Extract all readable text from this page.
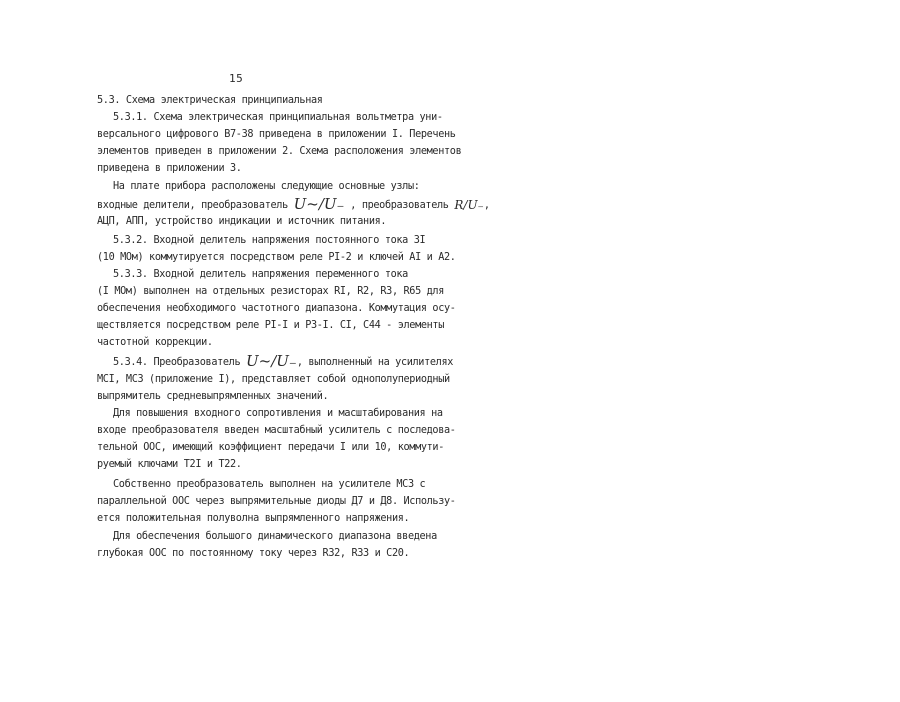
15
5.3. Схема электрическая принципиальная
5.3.1. Схема электрическая принципиальная вольтметра уни-
версального цифрового В7-38 приведена в приложении I. Перечень
элементов приведен в приложении 2. Схема расположения элементов
приведена в приложении 3.
На плате прибора расположены следующие основные узлы:
входные делители, преобразователь U~/U₋ , преобразователь R/U₋,
АЦП, АПП, устройство индикации и источник питания.
5.3.2. Входной делитель напряжения постоянного тока ЗI
(10 МОм) коммутируется посредством реле PI-2 и ключей AI и A2.
5.3.3. Входной делитель напряжения переменного тока
(I МОм) выполнен на отдельных резисторах RI, R2, R3, R65 для
обеспечения необходимого частотного диапазона. Коммутация осу-
ществляется посредством реле PI-I и P3-I. CI, C44 - элементы
частотной коррекции.
5.3.4. Преобразователь U~/U₋, выполненный на усилителях
MCI, MC3 (приложение I), представляет собой однополупериодный
выпрямитель средневыпрямленных значений.
Для повышения входного сопротивления и масштабирования на
входе преобразователя введен масштабный усилитель с последова-
тельной ООС, имеющий коэффициент передачи I или 10, коммути-
руемый ключами T2I и T22.
Собственно преобразователь выполнен на усилителе MC3 с
параллельной ООС через выпрямительные диоды Д7 и Д8. Использу-
ется положительная полуволна выпрямленного напряжения.
Для обеспечения большого динамического диапазона введена
глубокая ООС по постоянному току через R32, R33 и C20.
